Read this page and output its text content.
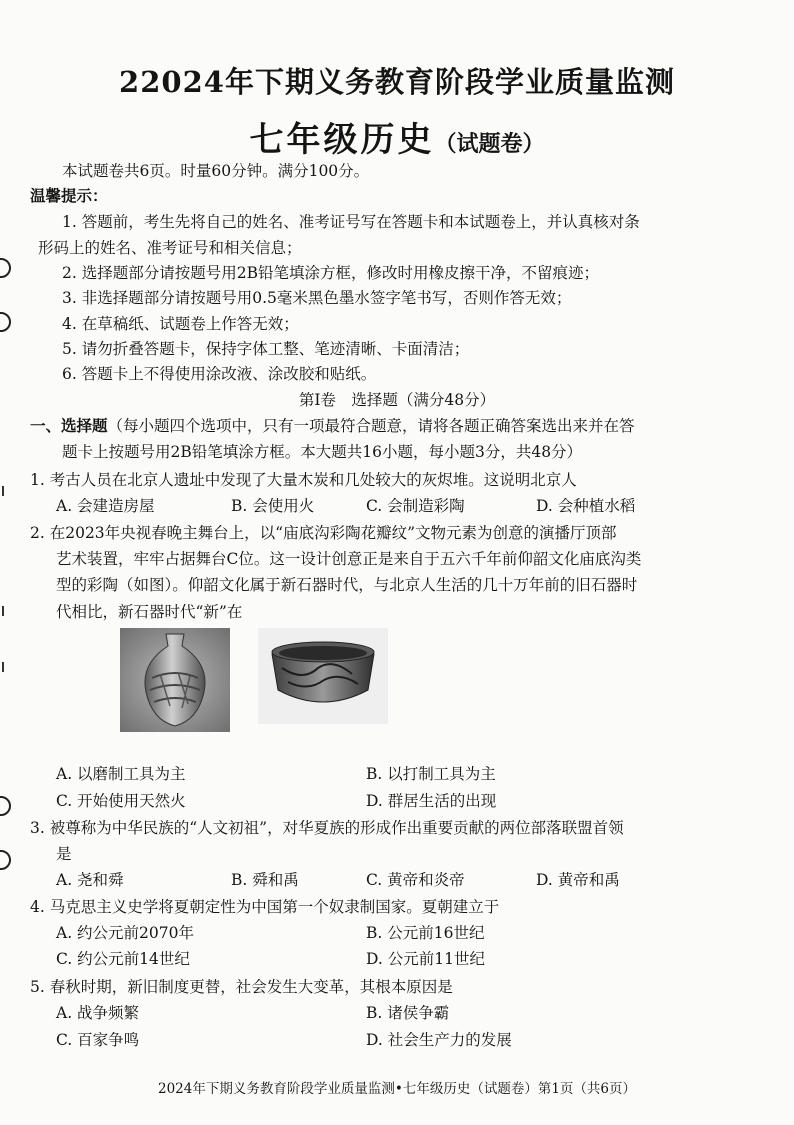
22024年下期义务教育阶段学业质量监测
七年级历史（试题卷）
本试题卷共6页。时量60分钟。满分100分。
温馨提示：
1. 答题前，考生先将自己的姓名、准考证号写在答题卡和本试题卷上，并认真核对条
形码上的姓名、准考证号和相关信息；
2. 选择题部分请按题号用2B铅笔填涂方框，修改时用橡皮擦干净，不留痕迹；
3. 非选择题部分请按题号用0.5毫米黑色墨水签字笔书写，否则作答无效；
4. 在草稿纸、试题卷上作答无效；
5. 请勿折叠答题卡，保持字体工整、笔迹清晰、卡面清洁；
6. 答题卡上不得使用涂改液、涂改胶和贴纸。
第Ⅰ卷　选择题（满分48分）
一、选择题（每小题四个选项中，只有一项最符合题意，请将各题正确答案选出来并在答
题卡上按题号用2B铅笔填涂方框。本大题共16小题，每小题3分，共48分）
1. 考古人员在北京人遗址中发现了大量木炭和几处较大的灰烬堆。这说明北京人
A. 会建造房屋	B. 会使用火	C. 会制造彩陶	D. 会种植水稻
2. 在2023年央视春晚主舞台上，以“庙底沟彩陶花瓣纹”文物元素为创意的演播厅顶部
艺术装置，牢牢占据舞台C位。这一设计创意正是来自于五六千年前仰韶文化庙底沟类
型的彩陶（如图）。仰韶文化属于新石器时代，与北京人生活的几十万年前的旧石器时
代相比，新石器时代“新”在
A. 以磨制工具为主	B. 以打制工具为主
C. 开始使用天然火	D. 群居生活的出现
3. 被尊称为中华民族的“人文初祖”，对华夏族的形成作出重要贡献的两位部落联盟首领
是
A. 尧和舜	B. 舜和禹	C. 黄帝和炎帝	D. 黄帝和禹
4. 马克思主义史学将夏朝定性为中国第一个奴隶制国家。夏朝建立于
A. 约公元前2070年	B. 公元前16世纪
C. 约公元前14世纪	D. 公元前11世纪
5. 春秋时期，新旧制度更替，社会发生大变革，其根本原因是
A. 战争频繁	B. 诸侯争霸
C. 百家争鸣	D. 社会生产力的发展
2024年下期义务教育阶段学业质量监测•七年级历史（试题卷）第1页（共6页）
